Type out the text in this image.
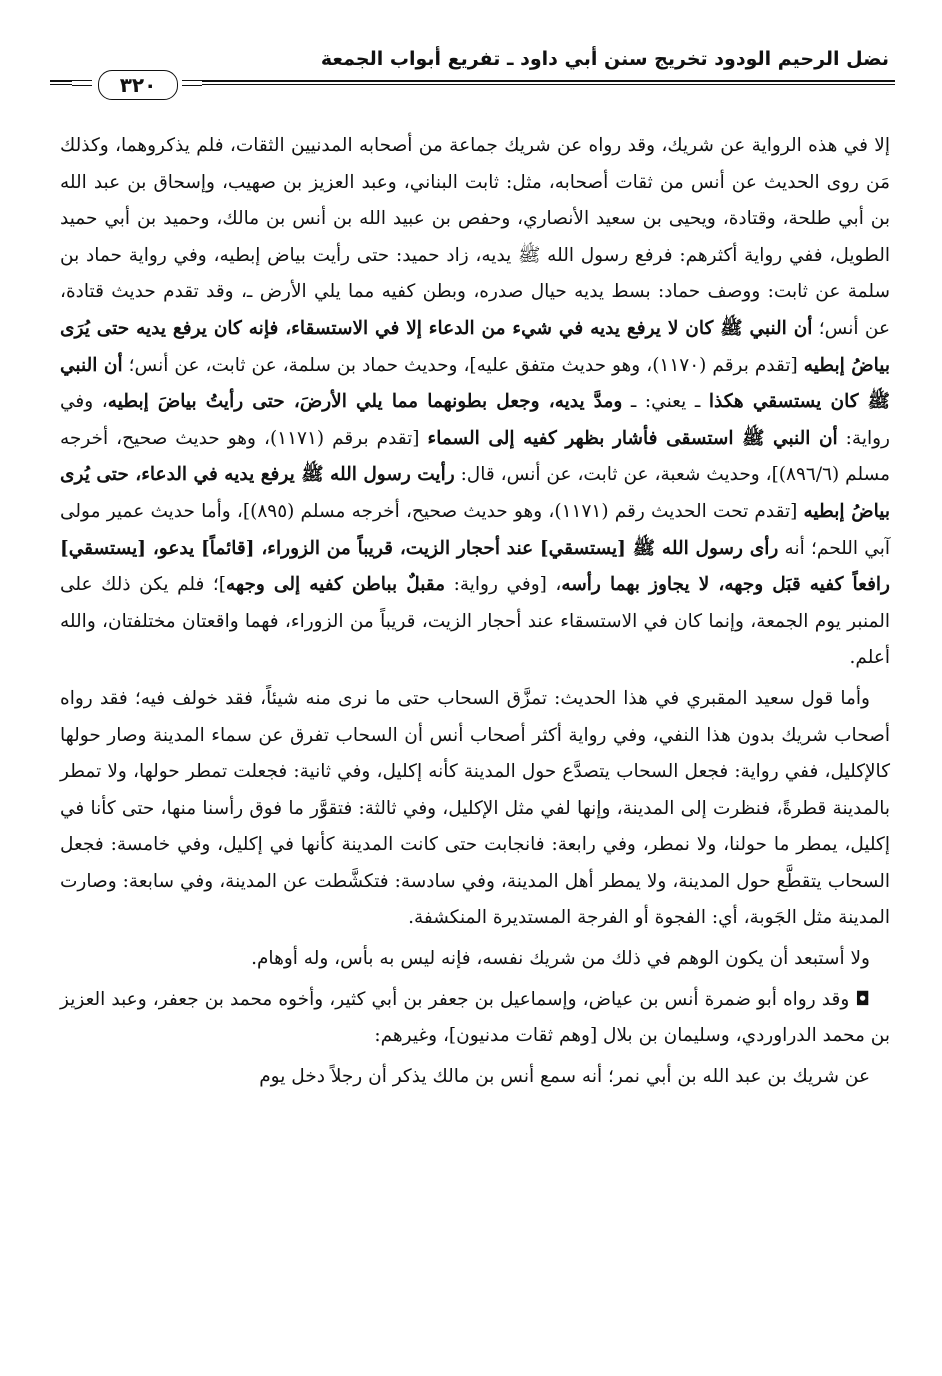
نضل الرحيم الودود تخريج سنن أبي داود ـ تفريع أبواب الجمعة
٣٢٠

إلا في هذه الرواية عن شريك، وقد رواه عن شريك جماعة من أصحابه المدنيين الثقات، فلم يذكروهما، وكذلك مَن روى الحديث عن أنس من ثقات أصحابه، مثل: ثابت البناني، وعبد العزيز بن صهيب، وإسحاق بن عبد الله بن أبي طلحة، وقتادة، ويحيى بن سعيد الأنصاري، وحفص بن عبيد الله بن أنس بن مالك، وحميد بن أبي حميد الطويل، ففي رواية أكثرهم: فرفع رسول الله ﷺ يديه، زاد حميد: حتى رأيت بياض إبطيه، وفي رواية حماد بن سلمة عن ثابت: ووصف حماد: بسط يديه حيال صدره، وبطن كفيه مما يلي الأرض ـ، وقد تقدم حديث قتادة، عن أنس؛ أن النبي ﷺ كان لا يرفع يديه في شيء من الدعاء إلا في الاستسقاء، فإنه كان يرفع يديه حتى يُرَى بياضُ إبطيه [تقدم برقم (١١٧٠)، وهو حديث متفق عليه]، وحديث حماد بن سلمة، عن ثابت، عن أنس؛ أن النبي ﷺ كان يستسقي هكذا ـ يعني: ـ ومدَّ يديه، وجعل بطونهما مما يلي الأرضَ، حتى رأيتُ بياضَ إبطيه، وفي رواية: أن النبي ﷺ استسقى فأشار بظهر كفيه إلى السماء [تقدم برقم (١١٧١)، وهو حديث صحيح، أخرجه مسلم (٨٩٦/٦)]، وحديث شعبة، عن ثابت، عن أنس، قال: رأيت رسول الله ﷺ يرفع يديه في الدعاء، حتى يُرى بياضُ إبطيه [تقدم تحت الحديث رقم (١١٧١)، وهو حديث صحيح، أخرجه مسلم (٨٩٥)]، وأما حديث عمير مولى آبي اللحم؛ أنه رأى رسول الله ﷺ [يستسقي] عند أحجار الزيت، قريباً من الزوراء، [قائماً] يدعو، [يستسقي] رافعاً كفيه قبَل وجهه، لا يجاوز بهما رأسه، [وفي رواية: مقبلٌ بباطن كفيه إلى وجهه]؛ فلم يكن ذلك على المنبر يوم الجمعة، وإنما كان في الاستسقاء عند أحجار الزيت، قريباً من الزوراء، فهما واقعتان مختلفتان، والله أعلم.

وأما قول سعيد المقبري في هذا الحديث: تمزَّق السحاب حتى ما نرى منه شيئاً، فقد خولف فيه؛ فقد رواه أصحاب شريك بدون هذا النفي، وفي رواية أكثر أصحاب أنس أن السحاب تفرق عن سماء المدينة وصار حولها كالإكليل، ففي رواية: فجعل السحاب يتصدَّع حول المدينة كأنه إكليل، وفي ثانية: فجعلت تمطر حولها، ولا تمطر بالمدينة قطرةً، فنظرت إلى المدينة، وإنها لفي مثل الإكليل، وفي ثالثة: فتقوَّر ما فوق رأسنا منها، حتى كأنا في إكليل، يمطر ما حولنا، ولا نمطر، وفي رابعة: فانجابت حتى كانت المدينة كأنها في إكليل، وفي خامسة: فجعل السحاب يتقطَّع حول المدينة، ولا يمطر أهل المدينة، وفي سادسة: فتكشَّطت عن المدينة، وفي سابعة: وصارت المدينة مثل الجَوبة، أي: الفجوة أو الفرجة المستديرة المنكشفة.

ولا أستبعد أن يكون الوهم في ذلك من شريك نفسه، فإنه ليس به بأس، وله أوهام.

◘ وقد رواه أبو ضمرة أنس بن عياض، وإسماعيل بن جعفر بن أبي كثير، وأخوه محمد بن جعفر، وعبد العزيز بن محمد الدراوردي، وسليمان بن بلال [وهم ثقات مدنيون]، وغيرهم:

عن شريك بن عبد الله بن أبي نمر؛ أنه سمع أنس بن مالك يذكر أن رجلاً دخل يوم
